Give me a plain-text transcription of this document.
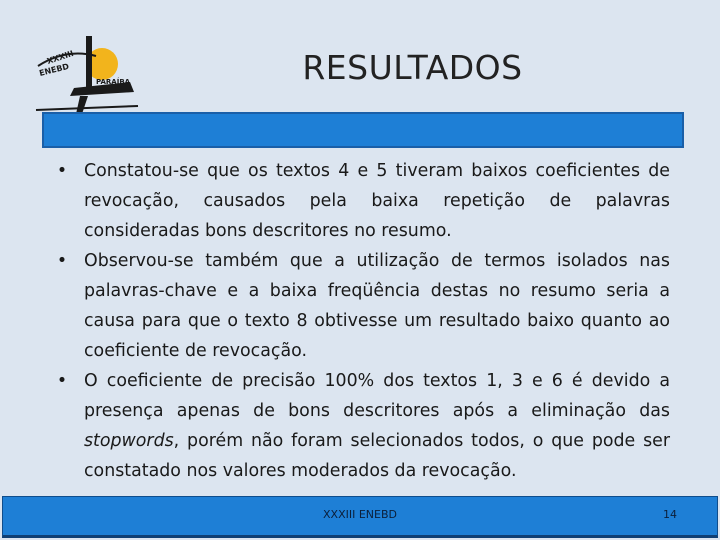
XXXIII
ENEBD
PARAÍBA	RESULTADOS
• Constatou-se que os textos 4 e 5 tiveram baixos coeficientes de revocação, causados pela baixa repetição de palavras consideradas bons descritores no resumo.
• Observou-se também que a utilização de termos isolados nas palavras-chave e a baixa freqüência destas no resumo seria a causa para que o texto 8 obtivesse um resultado baixo quanto ao coeficiente de revocação.
• O coeficiente de precisão 100% dos textos 1, 3 e 6 é devido a presença apenas de bons descritores após a eliminação das stopwords, porém não foram selecionados todos, o que pode ser constatado nos valores moderados da revocação.
XXXIII ENEBD	14
